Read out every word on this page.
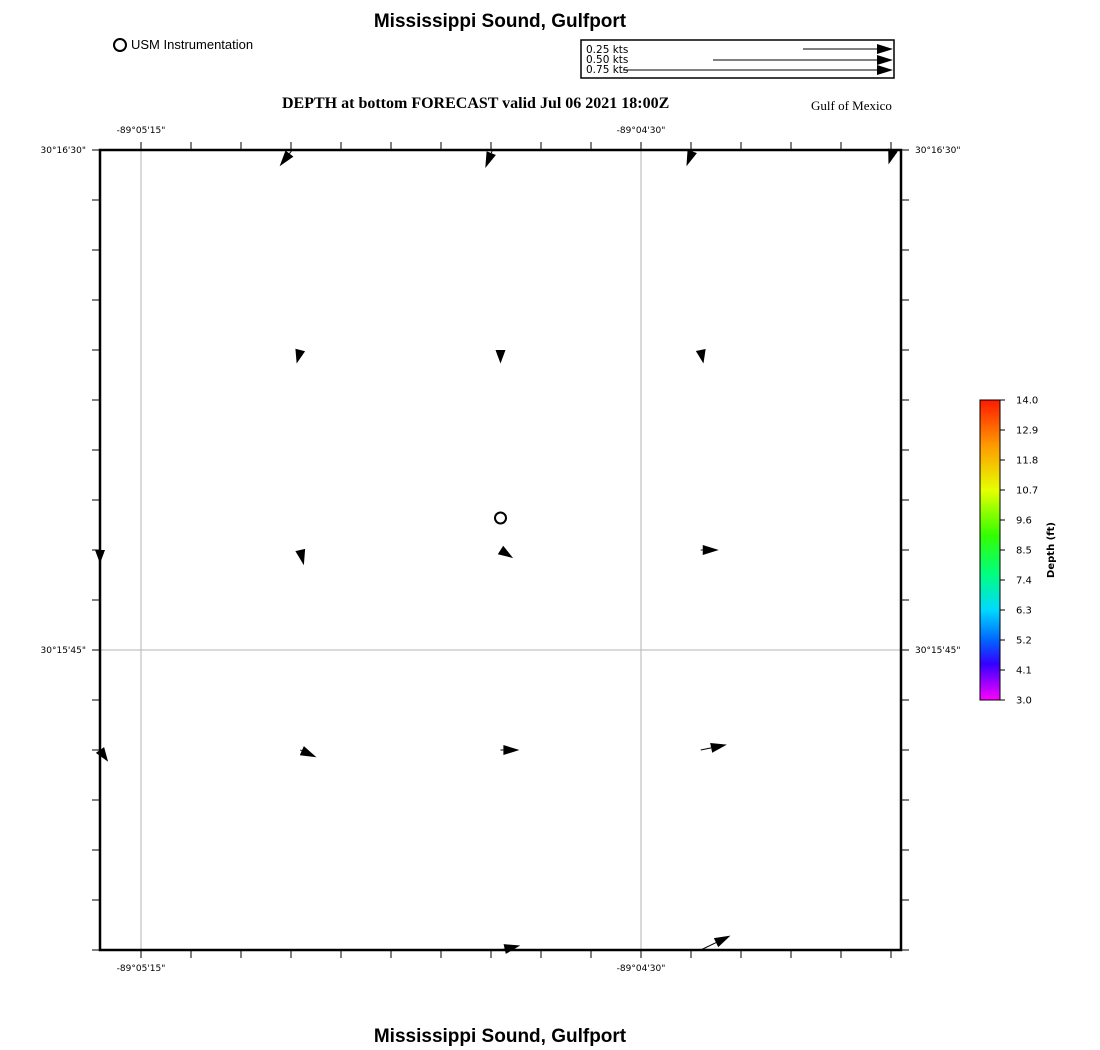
Mississippi Sound, Gulfport
USM Instrumentation
DEPTH at bottom FORECAST valid Jul 06 2021 18:00Z	Gulf of Mexico
0.25 kts
0.50 kts
0.75 kts
-89°05'15"	-89°04'30"
-89°05'15"	-89°04'30"
30°16'30"
30°15'45"
30°16'30"
30°15'45"
14.0
12.9
11.8
10.7
9.6
8.5
7.4
6.3
5.2
4.1
3.0
Depth (ft)
Mississippi Sound, Gulfport
